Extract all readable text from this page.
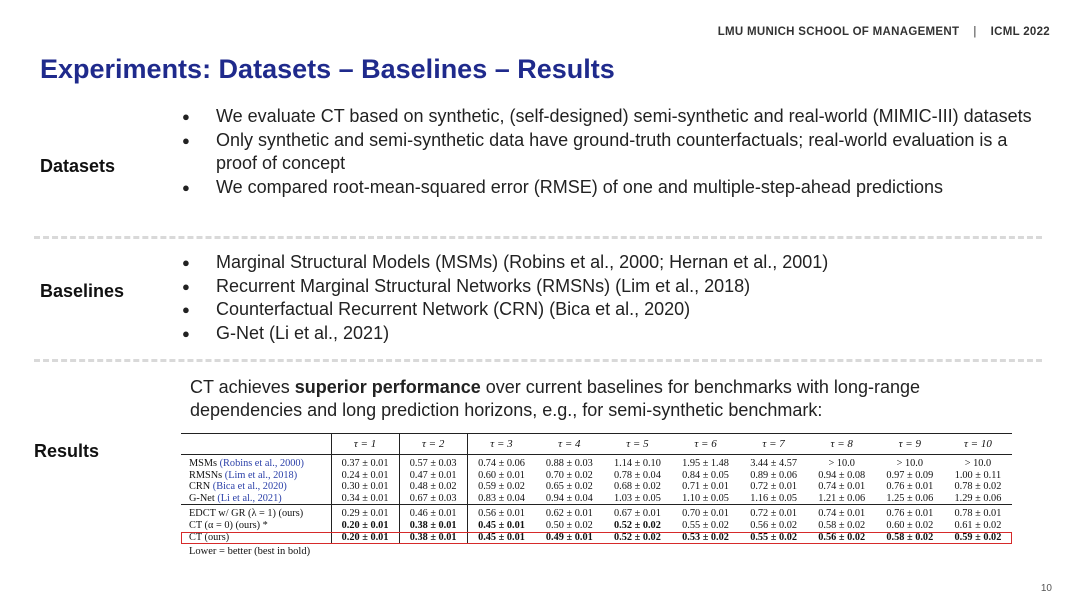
LMU MUNICH SCHOOL OF MANAGEMENT | ICML 2022
Experiments: Datasets – Baselines – Results
Datasets
● We evaluate CT based on synthetic, (self-designed) semi-synthetic and real-world (MIMIC-III) datasets
● Only synthetic and semi-synthetic data have ground-truth counterfactuals; real-world evaluation is a proof of concept
● We compared root-mean-squared error (RMSE) of one and multiple-step-ahead predictions
Baselines
● Marginal Structural Models (MSMs) (Robins et al., 2000; Hernan et al., 2001)
● Recurrent Marginal Structural Networks (RMSNs) (Lim et al., 2018)
● Counterfactual Recurrent Network (CRN) (Bica et al., 2020)
● G-Net (Li et al., 2021)
Results

CT achieves superior performance over current baselines for benchmarks with long-range dependencies and long prediction horizons, e.g., for semi-synthetic benchmark:

	τ = 1	τ = 2	τ = 3	τ = 4	τ = 5	τ = 6	τ = 7	τ = 8	τ = 9	τ = 10
MSMs (Robins et al., 2000)	0.37 ± 0.01	0.57 ± 0.03	0.74 ± 0.06	0.88 ± 0.03	1.14 ± 0.10	1.95 ± 1.48	3.44 ± 4.57	> 10.0	> 10.0	> 10.0
RMSNs (Lim et al., 2018)	0.24 ± 0.01	0.47 ± 0.01	0.60 ± 0.01	0.70 ± 0.02	0.78 ± 0.04	0.84 ± 0.05	0.89 ± 0.06	0.94 ± 0.08	0.97 ± 0.09	1.00 ± 0.11
CRN (Bica et al., 2020)	0.30 ± 0.01	0.48 ± 0.02	0.59 ± 0.02	0.65 ± 0.02	0.68 ± 0.02	0.71 ± 0.01	0.72 ± 0.01	0.74 ± 0.01	0.76 ± 0.01	0.78 ± 0.02
G-Net (Li et al., 2021)	0.34 ± 0.01	0.67 ± 0.03	0.83 ± 0.04	0.94 ± 0.04	1.03 ± 0.05	1.10 ± 0.05	1.16 ± 0.05	1.21 ± 0.06	1.25 ± 0.06	1.29 ± 0.06
EDCT w/ GR (λ = 1) (ours)	0.29 ± 0.01	0.46 ± 0.01	0.56 ± 0.01	0.62 ± 0.01	0.67 ± 0.01	0.70 ± 0.01	0.72 ± 0.01	0.74 ± 0.01	0.76 ± 0.01	0.78 ± 0.01
CT (α = 0) (ours) *	0.20 ± 0.01	0.38 ± 0.01	0.45 ± 0.01	0.50 ± 0.02	0.52 ± 0.02	0.55 ± 0.02	0.56 ± 0.02	0.58 ± 0.02	0.60 ± 0.02	0.61 ± 0.02
CT (ours)	0.20 ± 0.01	0.38 ± 0.01	0.45 ± 0.01	0.49 ± 0.01	0.52 ± 0.02	0.53 ± 0.02	0.55 ± 0.02	0.56 ± 0.02	0.58 ± 0.02	0.59 ± 0.02
Lower = better (best in bold)
10
